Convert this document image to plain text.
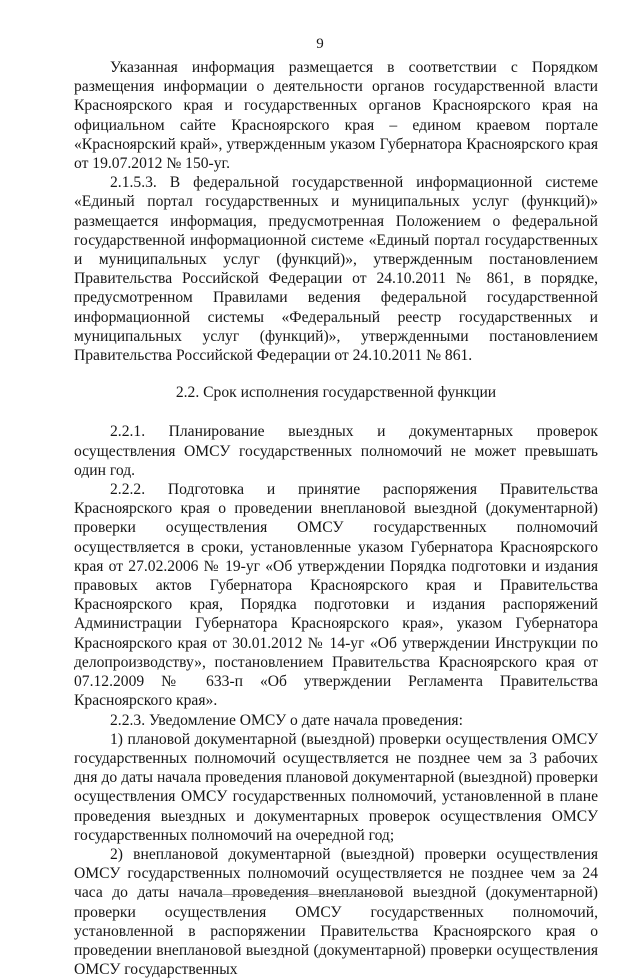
9

Указанная информация размещается в соответствии с Порядком размещения информации о деятельности органов государственной власти Красноярского края и государственных органов Красноярского края на официальном сайте Красноярского края – едином краевом портале «Красноярский край», утвержденным указом Губернатора Красноярского края от 19.07.2012 № 150-уг.

2.1.5.3. В федеральной государственной информационной системе «Единый портал государственных и муниципальных услуг (функций)» размещается информация, предусмотренная Положением о федеральной государственной информационной системе «Единый портал государственных и муниципальных услуг (функций)», утвержденным постановлением Правительства Российской Федерации от 24.10.2011 № 861, в порядке, предусмотренном Правилами ведения федеральной государственной информационной системы «Федеральный реестр государственных и муниципальных услуг (функций)», утвержденными постановлением Правительства Российской Федерации от 24.10.2011 № 861.

2.2. Срок исполнения государственной функции

2.2.1. Планирование выездных и документарных проверок осуществления ОМСУ государственных полномочий не может превышать один год.

2.2.2. Подготовка и принятие распоряжения Правительства Красноярского края о проведении внеплановой выездной (документарной) проверки осуществления ОМСУ государственных полномочий осуществляется в сроки, установленные указом Губернатора Красноярского края от 27.02.2006 № 19-уг «Об утверждении Порядка подготовки и издания правовых актов Губернатора Красноярского края и Правительства Красноярского края, Порядка подготовки и издания распоряжений Администрации Губернатора Красноярского края», указом Губернатора Красноярского края от 30.01.2012 № 14-уг «Об утверждении Инструкции по делопроизводству», постановлением Правительства Красноярского края от 07.12.2009 № 633-п «Об утверждении Регламента Правительства Красноярского края».

2.2.3. Уведомление ОМСУ о дате начала проведения:

1) плановой документарной (выездной) проверки осуществления ОМСУ государственных полномочий осуществляется не позднее чем за 3 рабочих дня до даты начала проведения плановой документарной (выездной) проверки осуществления ОМСУ государственных полномочий, установленной в плане проведения выездных и документарных проверок осуществления ОМСУ государственных полномочий на очередной год;

2) внеплановой документарной (выездной) проверки осуществления ОМСУ государственных полномочий осуществляется не позднее чем за 24 часа до даты начала проведения внеплановой выездной (документарной) проверки осуществления ОМСУ государственных полномочий, установленной в распоряжении Правительства Красноярского края о проведении внеплановой выездной (документарной) проверки осуществления ОМСУ государственных
